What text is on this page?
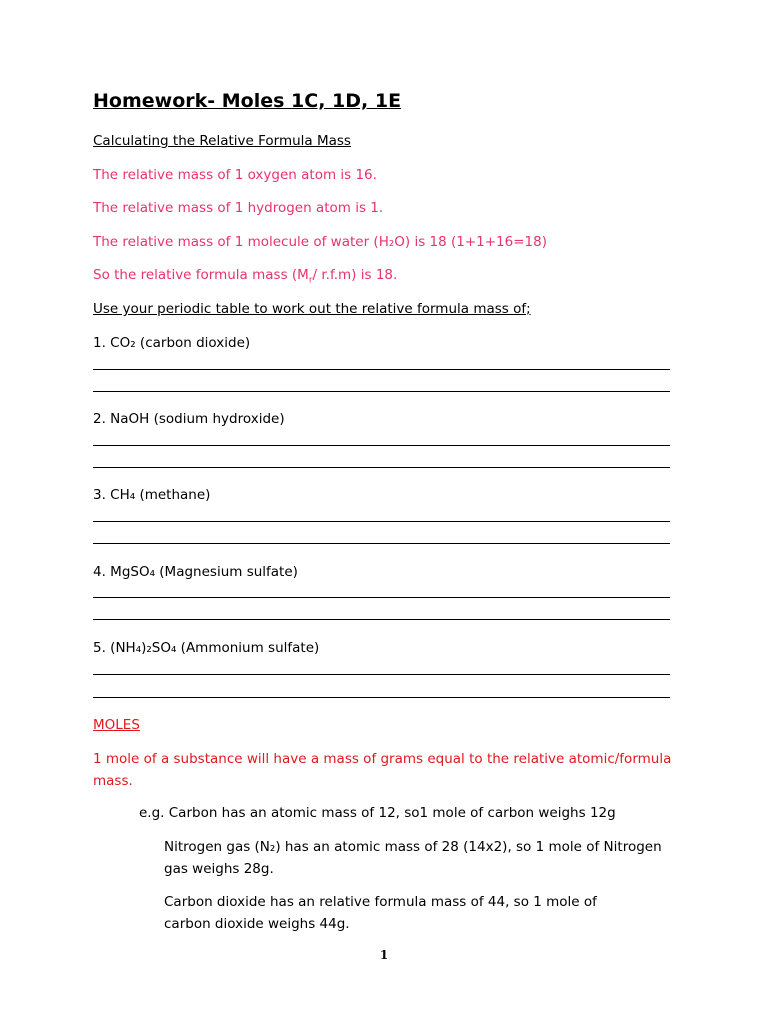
Homework- Moles 1C, 1D, 1E
Calculating the Relative Formula Mass
The relative mass of 1 oxygen atom is 16.
The relative mass of 1 hydrogen atom is 1.
The relative mass of 1 molecule of water (H₂O) is 18 (1+1+16=18)
So the relative formula mass ($M_r/$ r.f.m) is 18.
Use your periodic table to work out the relative formula mass of;
1. CO₂ (carbon dioxide)
2. NaOH (sodium hydroxide)
3. CH₄ (methane)
4. MgSO₄ (Magnesium sulfate)
5. (NH₄)₂SO₄ (Ammonium sulfate)
MOLES
1 mole of a substance will have a mass of grams equal to the relative atomic/formula
mass.
e.g. Carbon has an atomic mass of 12, so1 mole of carbon weighs 12g
Nitrogen gas (N₂) has an atomic mass of 28 (14x2), so 1 mole of Nitrogen gas weighs 28g.
Carbon dioxide has an relative formula mass of 44, so 1 mole of carbon dioxide weighs 44g.
1
